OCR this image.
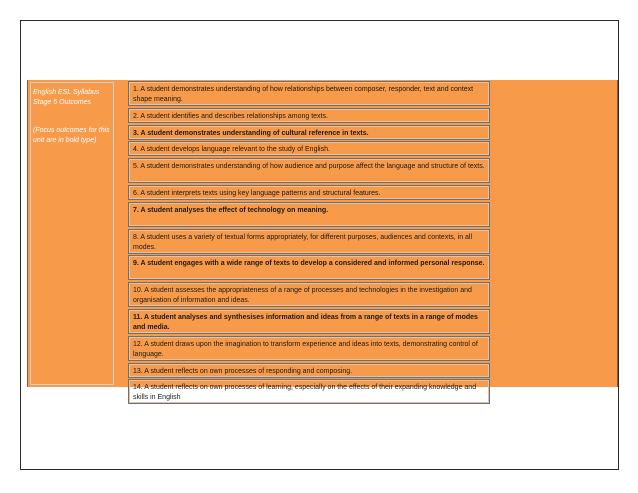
English ESL Syllabus Stage 5 Outcomes
(Focus outcomes for this unit are in bold type)
1. A student demonstrates understanding of how relationships between composer, responder, text and context shape meaning.
2. A student identifies and describes relationships among texts.
3. A student demonstrates understanding of cultural reference in texts.
4. A student develops language relevant to the study of English.
5. A student demonstrates understanding of how audience and purpose affect the language and structure of texts.
6. A student interprets texts using key language patterns and structural features.
7. A student analyses the effect of technology on meaning.
8. A student uses a variety of textual forms appropriately, for different purposes, audiences and contexts, in all modes.
9. A student engages with a wide range of texts to develop a considered and informed personal response.
10. A student assesses the appropriateness of a range of processes and technologies in the investigation and organisation of information and ideas.
11. A student analyses and synthesises information and ideas from a range of texts in a range of modes and media.
12. A student draws upon the imagination to transform experience and ideas into texts, demonstrating control of language.
13. A student reflects on own processes of responding and composing.
14. A student reflects on own processes of learning, especially on the effects of their expanding knowledge and skills in English
